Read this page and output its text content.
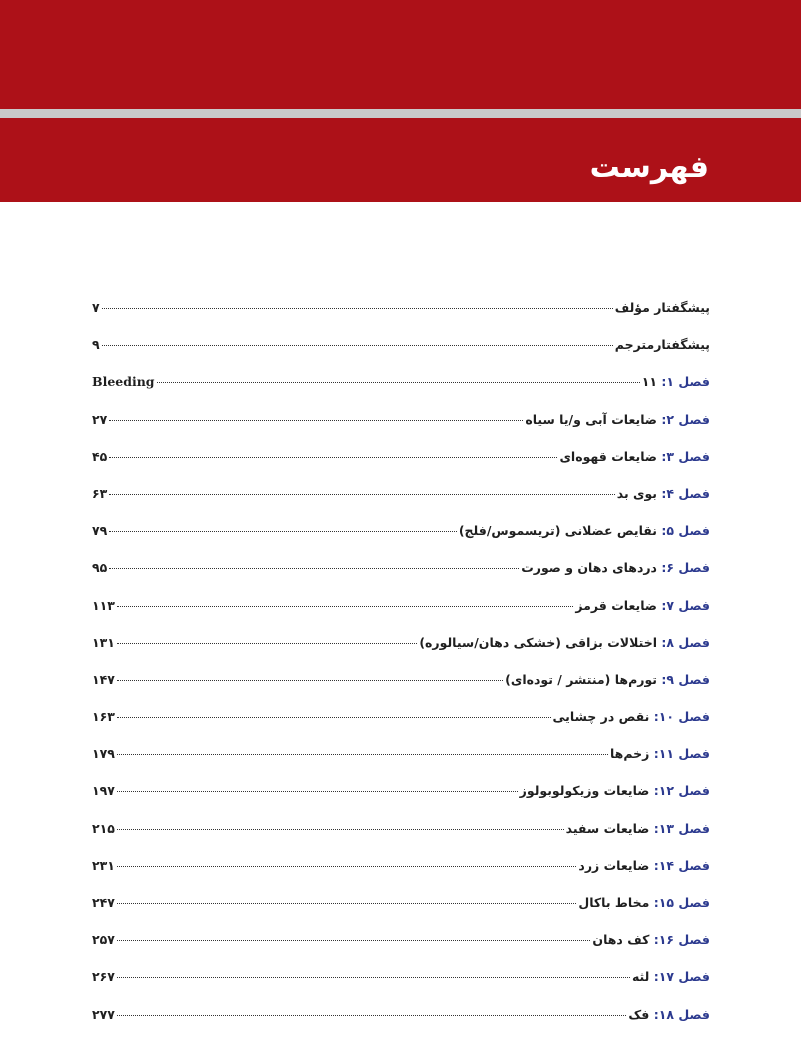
فهرست
پیشگفتار مؤلف
۷
پیشگفتارمترجم
۹
فصل ۱: ۱۱
Bleeding
فصل ۲: ضایعات آبی و/یا سیاه
۲۷
فصل ۳: ضایعات قهوه‌ای
۴۵
فصل ۴: بوی بد
۶۳
فصل ۵: نقایص عضلانی (تریسموس/فلج)
۷۹
فصل ۶: دردهای دهان و صورت
۹۵
فصل ۷: ضایعات قرمز
۱۱۳
فصل ۸: اختلالات بزاقی (خشکی دهان/سیالوره)
۱۳۱
فصل ۹: تورم‌ها (منتشر / توده‌ای)
۱۴۷
فصل ۱۰: نقص در چشایی
۱۶۳
فصل ۱۱: زخم‌ها
۱۷۹
فصل ۱۲: ضایعات وزیکولوبولوز
۱۹۷
فصل ۱۳: ضایعات سفید
۲۱۵
فصل ۱۴: ضایعات زرد
۲۳۱
فصل ۱۵: مخاط باکال
۲۴۷
فصل ۱۶: کف دهان
۲۵۷
فصل ۱۷: لثه
۲۶۷
فصل ۱۸: فک
۲۷۷
